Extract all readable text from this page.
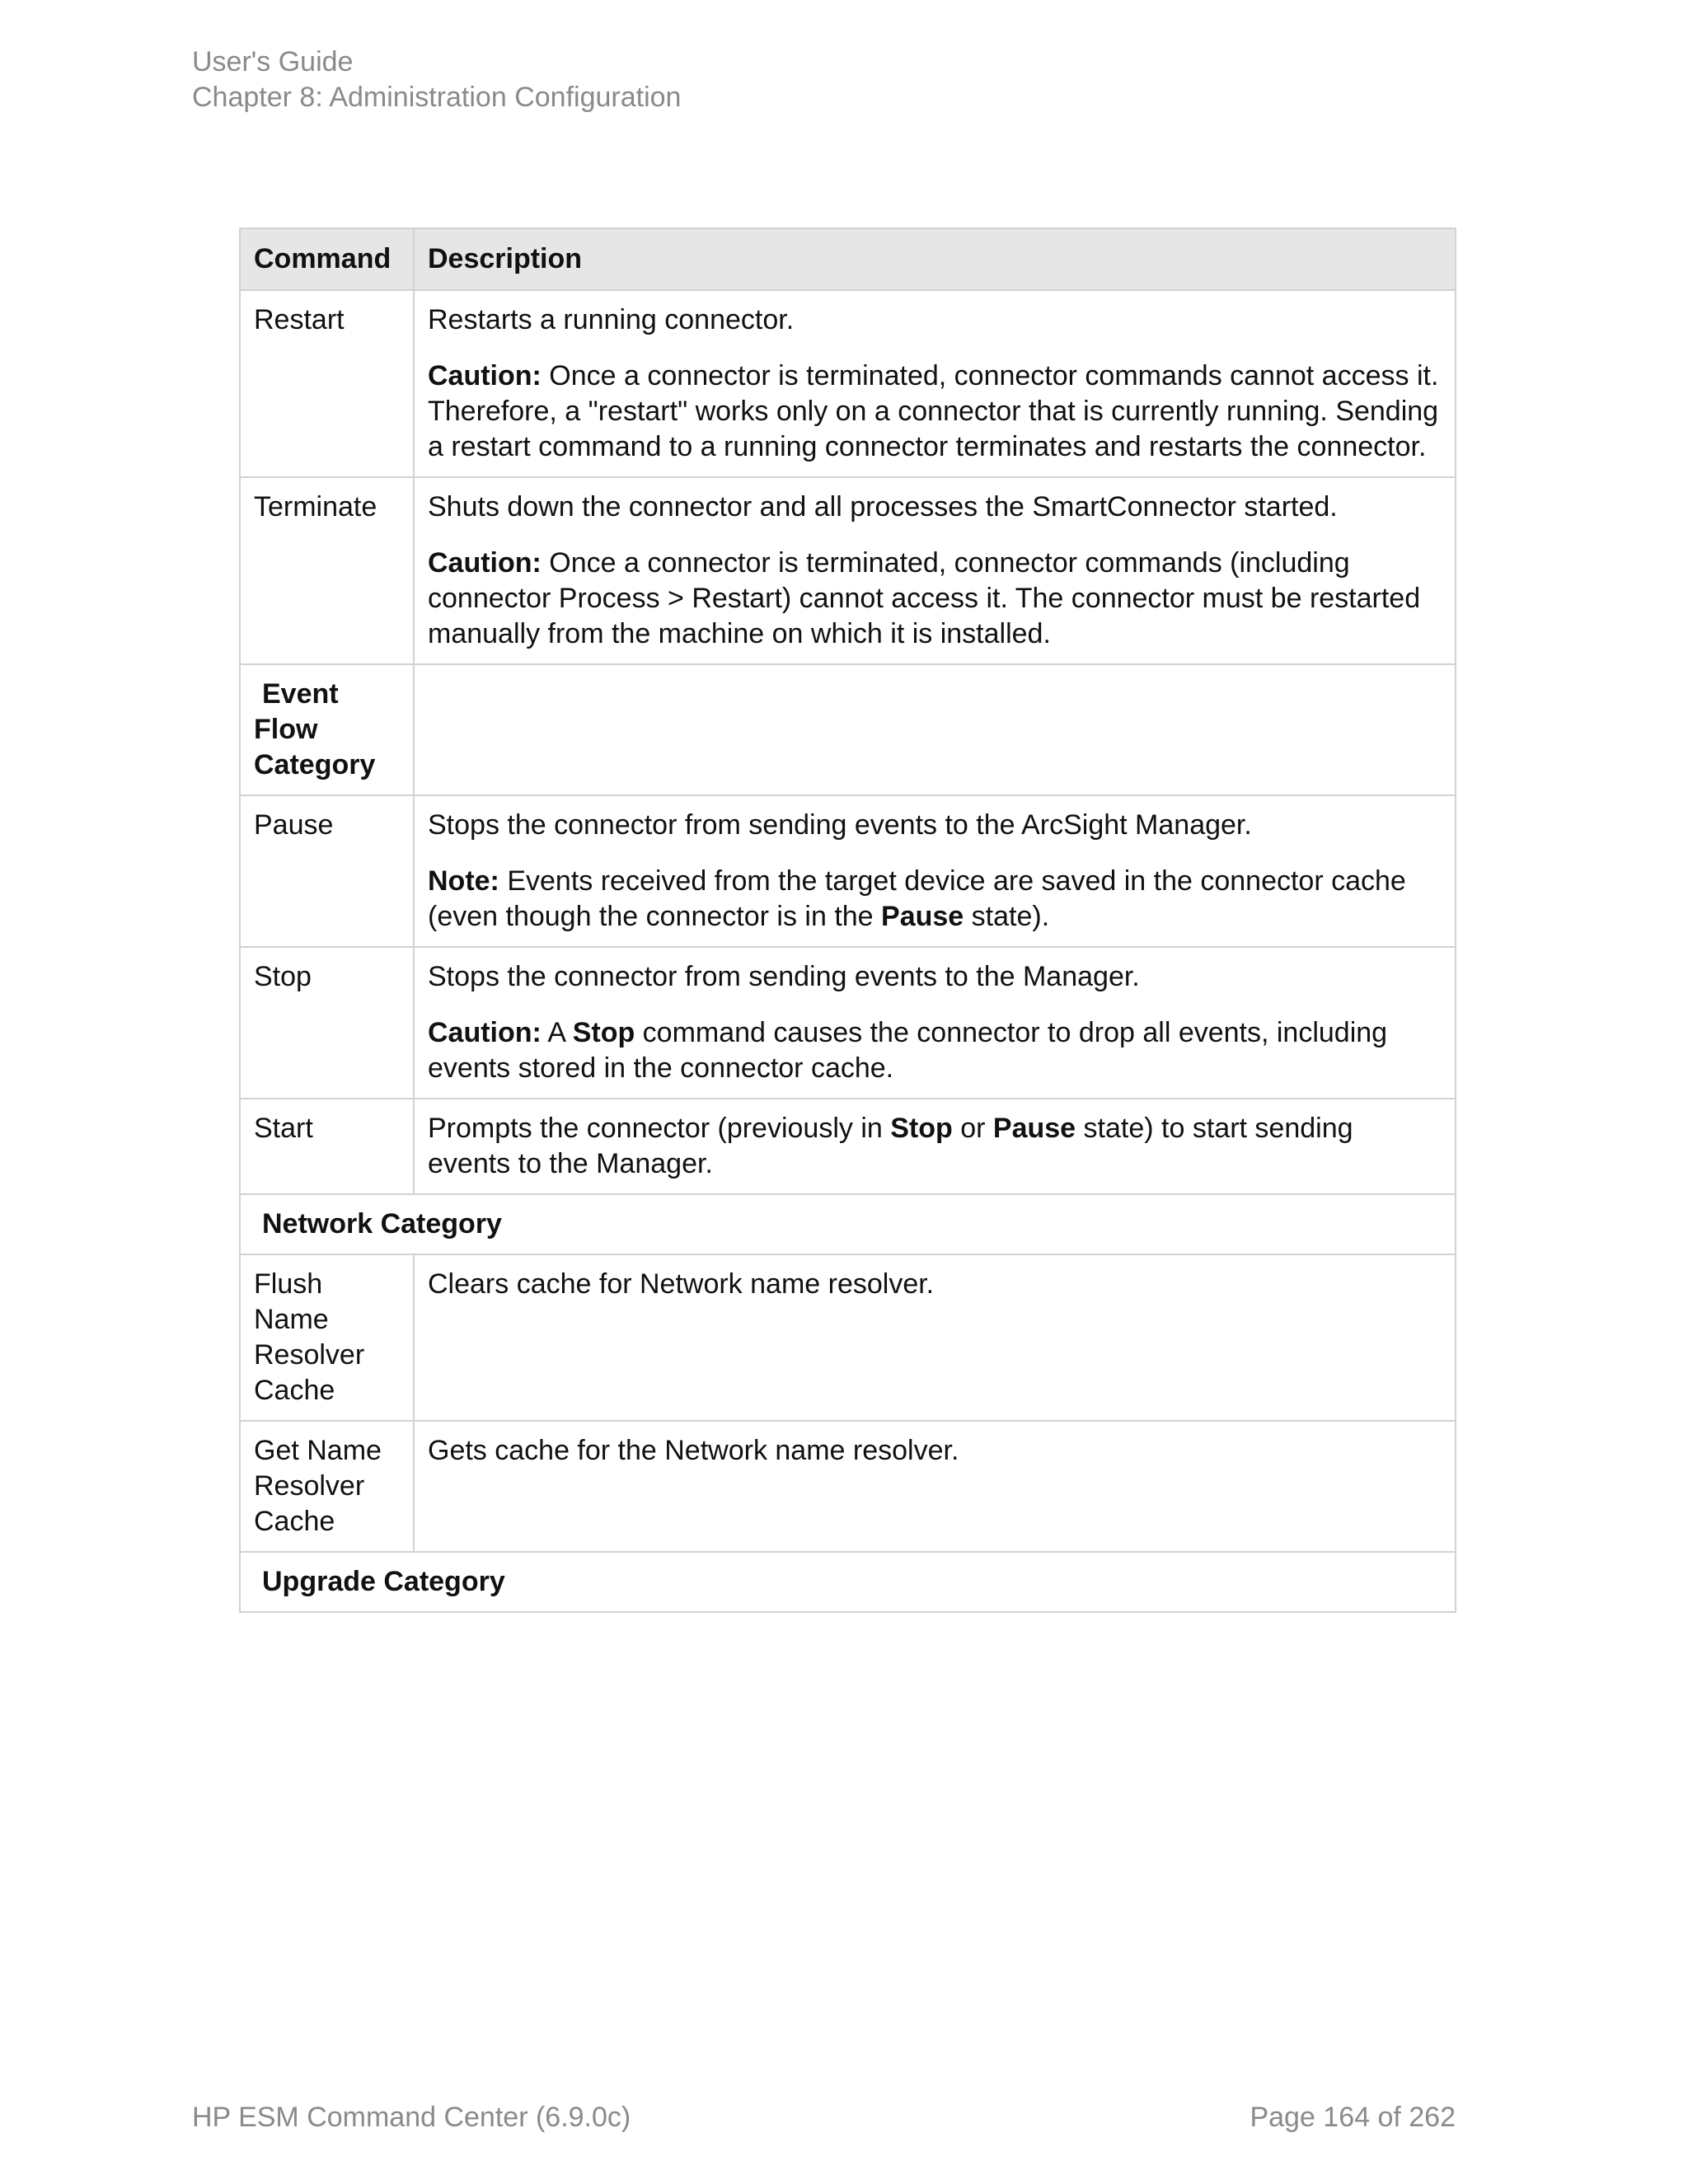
User's Guide
Chapter 8: Administration Configuration
Command	Description
Restart	Restarts a running connector.

Caution: Once a connector is terminated, connector commands cannot access it. Therefore, a "restart" works only on a connector that is currently running. Sending a restart command to a running connector terminates and restarts the connector.

Terminate	Shuts down the connector and all processes the SmartConnector started.

Caution: Once a connector is terminated, connector commands (including connector Process > Restart) cannot access it. The connector must be restarted manually from the machine on which it is installed.

Event
Flow
Category	

Pause	Stops the connector from sending events to the ArcSight Manager.

Note: Events received from the target device are saved in the connector cache (even though the connector is in the Pause state).

Stop	Stops the connector from sending events to the Manager.

Caution: A Stop command causes the connector to drop all events, including events stored in the connector cache.

Start	Prompts the connector (previously in Stop or Pause state) to start sending events to the Manager.

Network Category	

Flush Name
Resolver
Cache	Clears cache for Network name resolver.

Get Name
Resolver
Cache	Gets cache for the Network name resolver.

Upgrade Category	
HP ESM Command Center (6.9.0c)	Page 164 of 262
